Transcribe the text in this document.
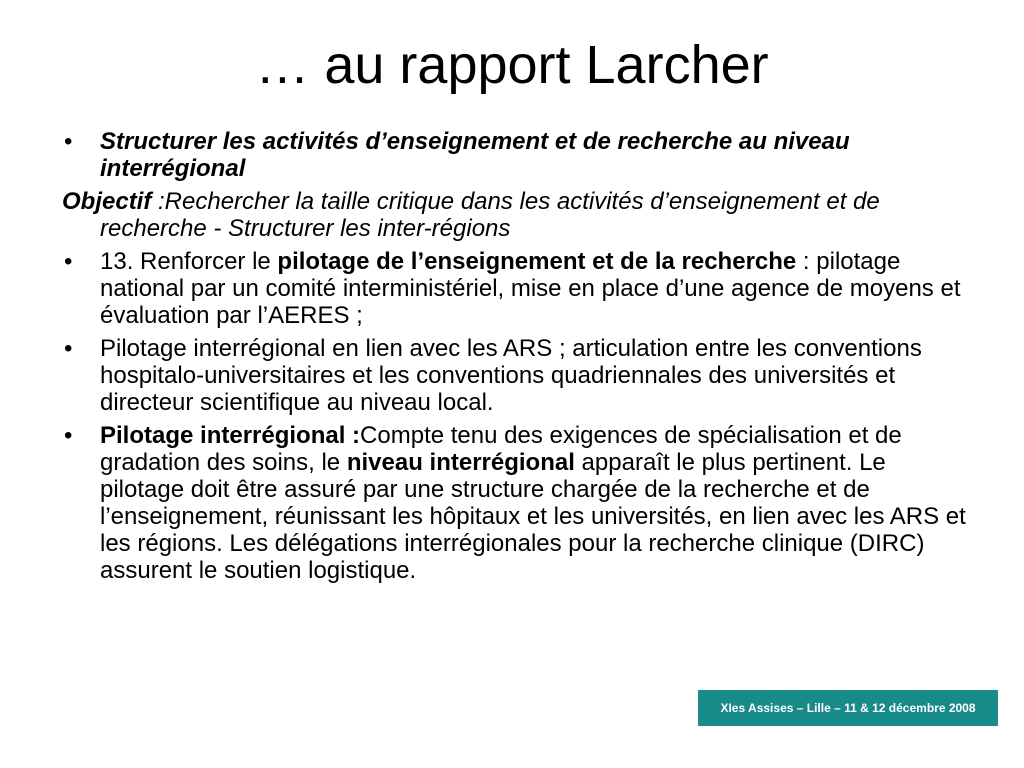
… au rapport Larcher
• Structurer les activités d’enseignement et de recherche au niveau interrégional
Objectif :Rechercher la taille critique dans les activités d’enseignement et de recherche - Structurer les inter-régions
• 13. Renforcer le pilotage de l’enseignement et de la recherche : pilotage national par un comité interministériel, mise en place d’une agence de moyens et évaluation par l’AERES ;
• Pilotage interrégional en lien avec les ARS ; articulation entre les conventions hospitalo-universitaires et les conventions quadriennales des universités et directeur scientifique au niveau local.
• Pilotage interrégional :Compte tenu des exigences de spécialisation et de gradation des soins, le niveau interrégional apparaît le plus pertinent. Le pilotage doit être assuré par une structure chargée de la recherche et de l’enseignement, réunissant les hôpitaux et les universités, en lien avec les ARS et les régions. Les délégations interrégionales pour la recherche clinique (DIRC) assurent le soutien logistique.
XIes Assises – Lille – 11 & 12 décembre 2008
